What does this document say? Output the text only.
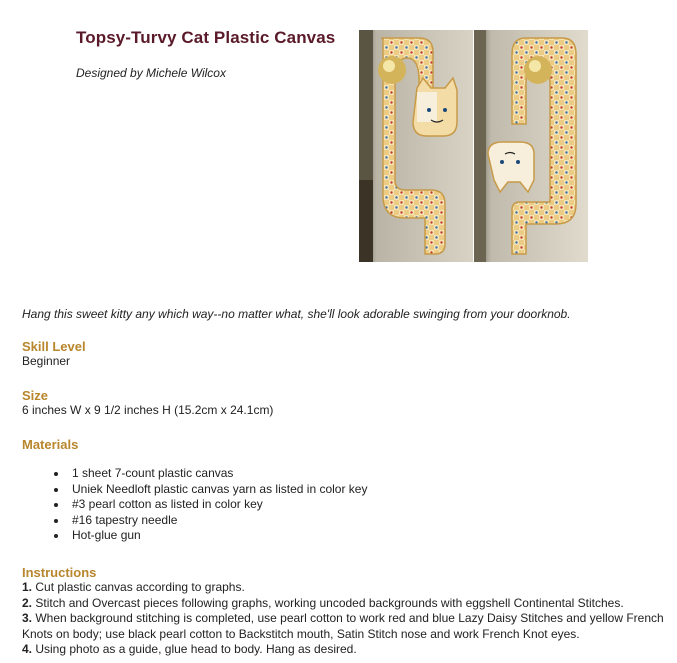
Topsy-Turvy Cat Plastic Canvas
Designed by Michele Wilcox
Hang this sweet kitty any which way--no matter what, she'll look adorable swinging from your doorknob.

Skill Level

Beginner

Size

6 inches W x 9 1/2 inches H (15.2cm x 24.1cm)

Materials

• 1 sheet 7-count plastic canvas
• Uniek Needloft plastic canvas yarn as listed in color key
• #3 pearl cotton as listed in color key
• #16 tapestry needle
• Hot-glue gun

Instructions

1. Cut plastic canvas according to graphs.
2. Stitch and Overcast pieces following graphs, working uncoded backgrounds with eggshell Continental Stitches.
3. When background stitching is completed, use pearl cotton to work red and blue Lazy Daisy Stitches and yellow French Knots on body; use black pearl cotton to Backstitch mouth, Satin Stitch nose and work French Knot eyes.
4. Using photo as a guide, glue head to body. Hang as desired.
